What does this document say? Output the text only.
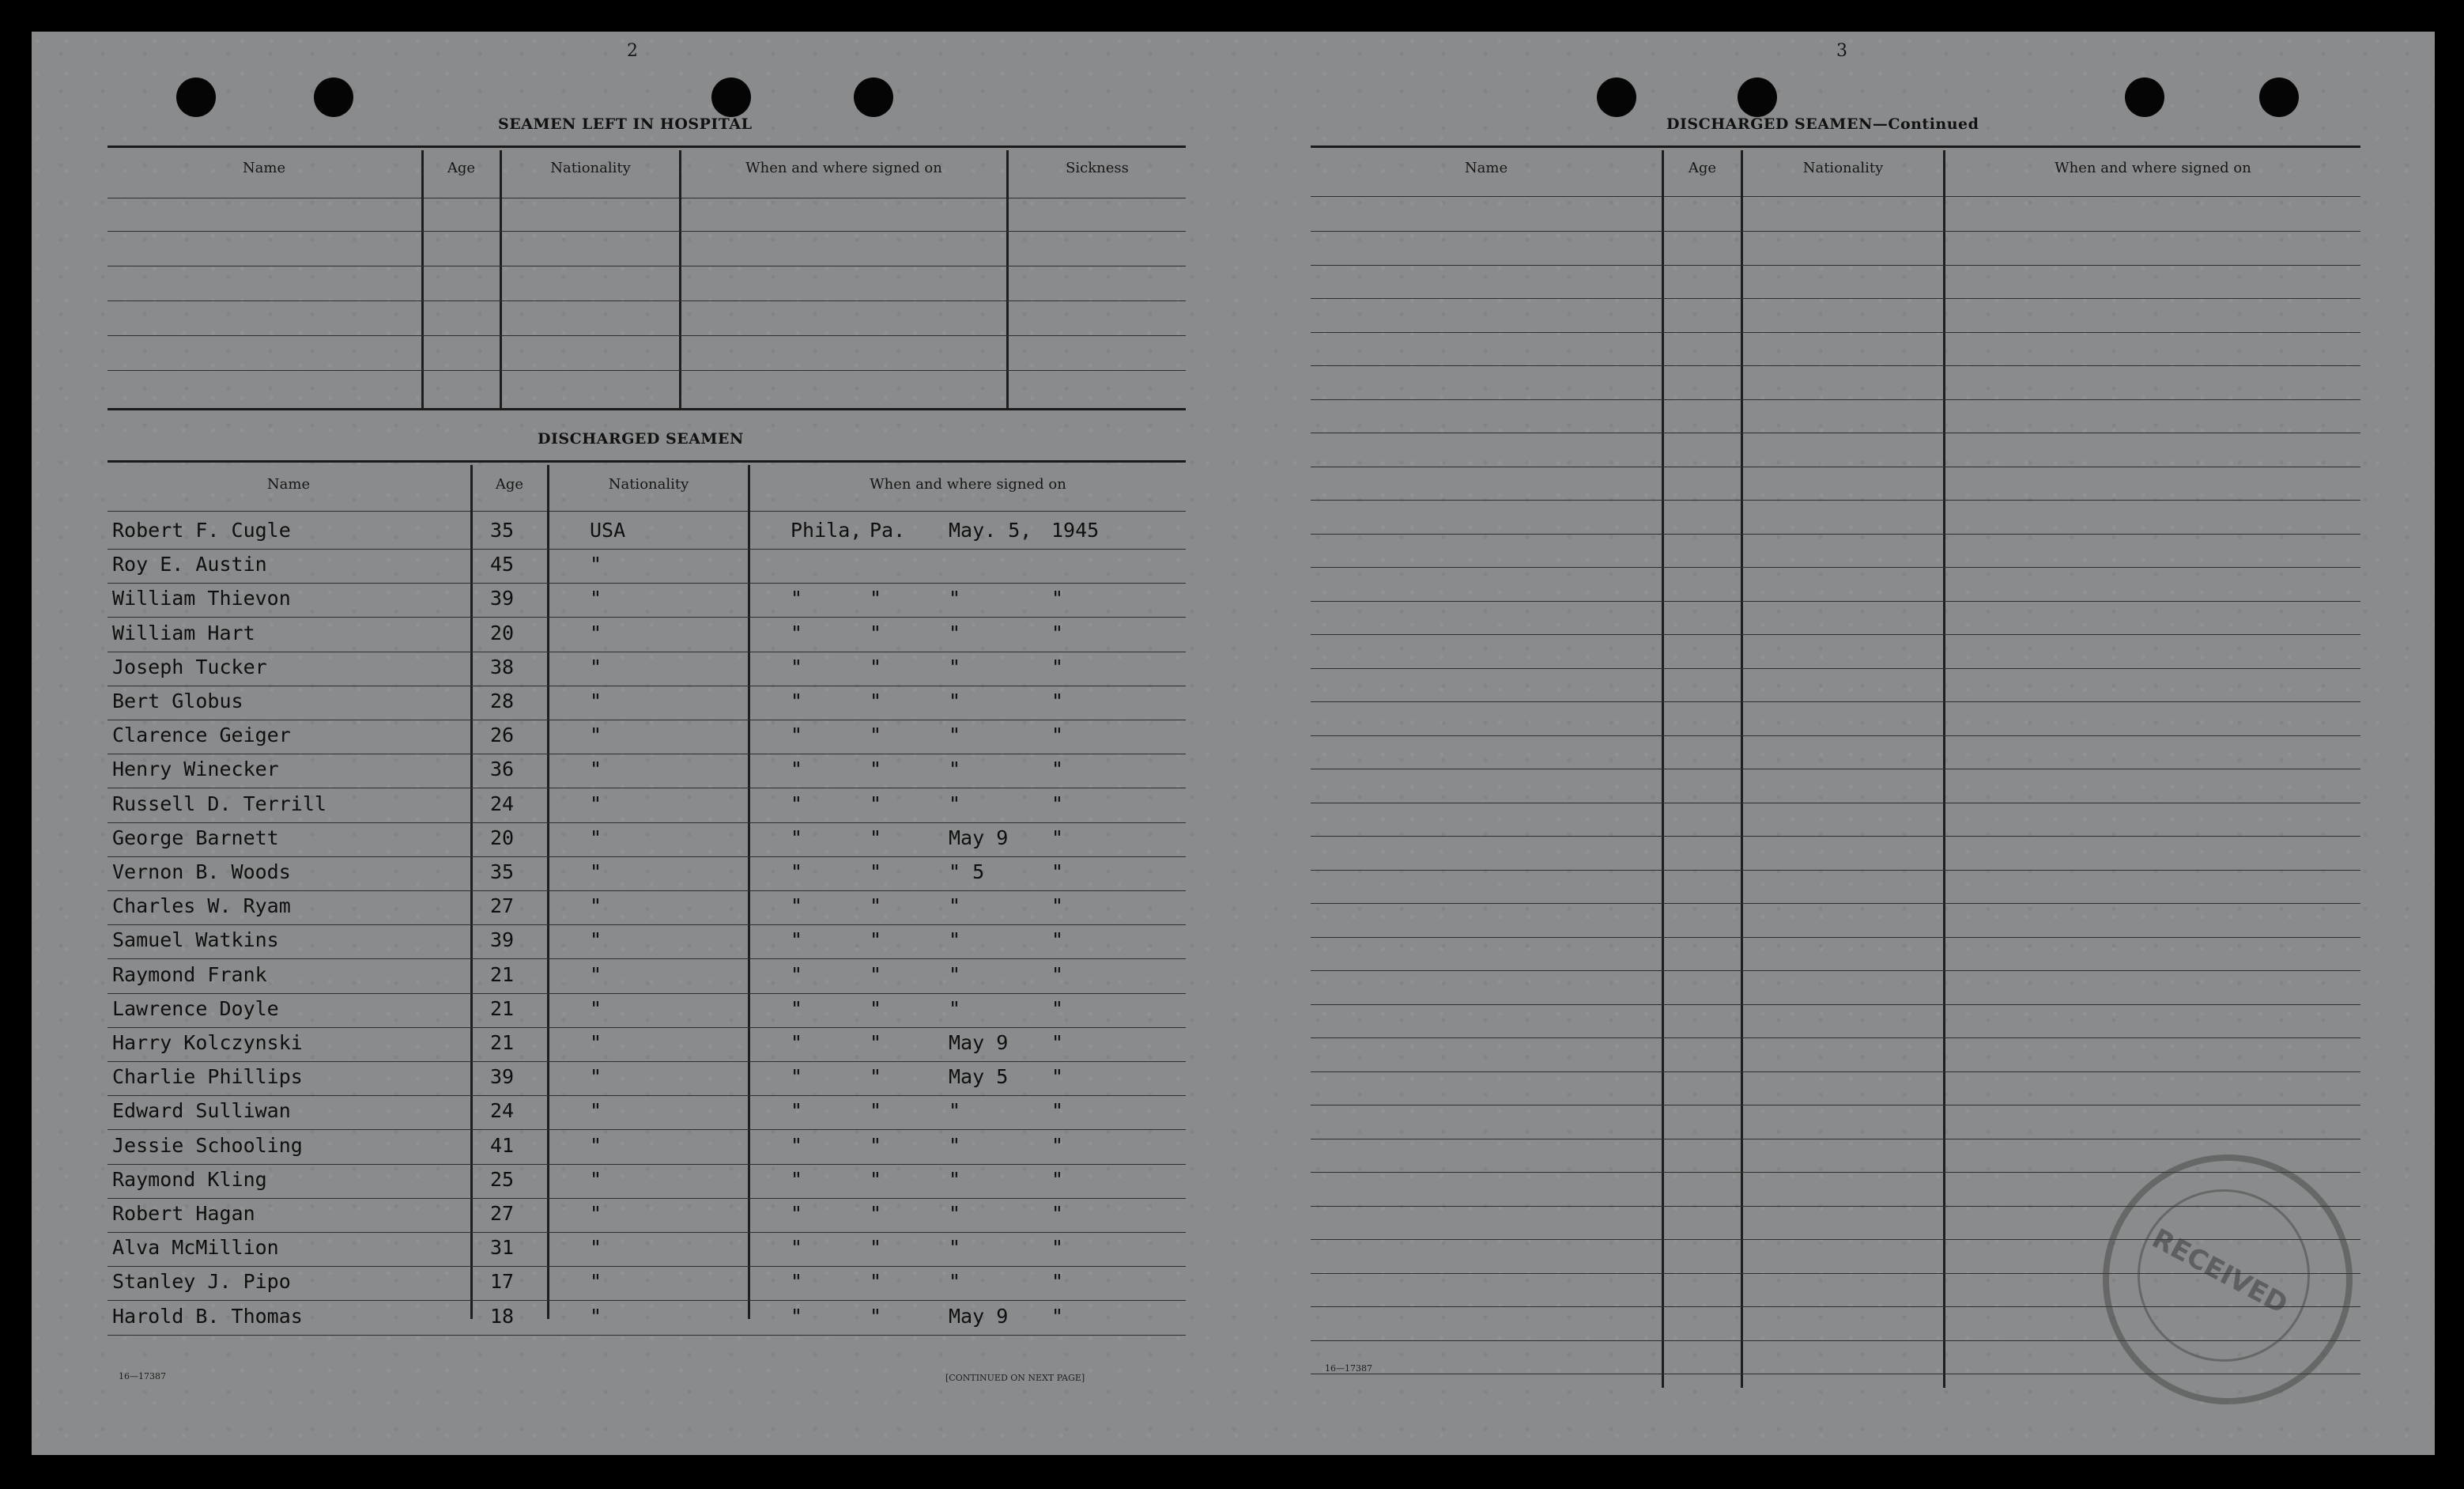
2
SEAMEN LEFT IN HOSPITAL
Name	Age	Nationality	When and where signed on	Sickness
DISCHARGED SEAMEN
Name	Age	Nationality	When and where signed on
Robert F. Cugle	35	USA	Phila, Pa. May. 5, 1945
Roy E. Austin	45	"
William Thievon	39	"	"	"	"	"
William Hart	20	"	"	"	"	"
Joseph Tucker	38	"	"	"	"	"
Bert Globus	28	"	"	"	"	"
Clarence Geiger	26	"	"	"	"	"
Henry Winecker	36	"	"	"	"	"
Russell D. Terrill	24	"	"	"	"	"
George Barnett	20	"	"	"	May 9 "
Vernon B. Woods	35	"	"	"	" 5	"
Charles W. Ryam	27	"	"	"	"	"
Samuel Watkins	39	"	"	"	"	"
Raymond Frank	21	"	"	"	"	"
Lawrence Doyle	21	"	"	"	"	"
Harry Kolczynski	21	"	"	"	May 9 "
Charlie Phillips	39	"	"	"	May 5 "
Edward Sulliwan	24	"	"	"	"	"
Jessie Schooling	41	"	"	"	"	"
Raymond Kling	25	"	"	"	"	"
Robert Hagan	27	"	"	"	"	"
Alva McMillion	31	"	"	"	"	"
Stanley J. Pipo	17	"	"	"	"	"
Harold B. Thomas	18	"	"	"	May 9 "
16—17387	[CONTINUED ON NEXT PAGE]
3
DISCHARGED SEAMEN—Continued
Name	Age	Nationality	When and where signed on
16—17387
RECEIVED
